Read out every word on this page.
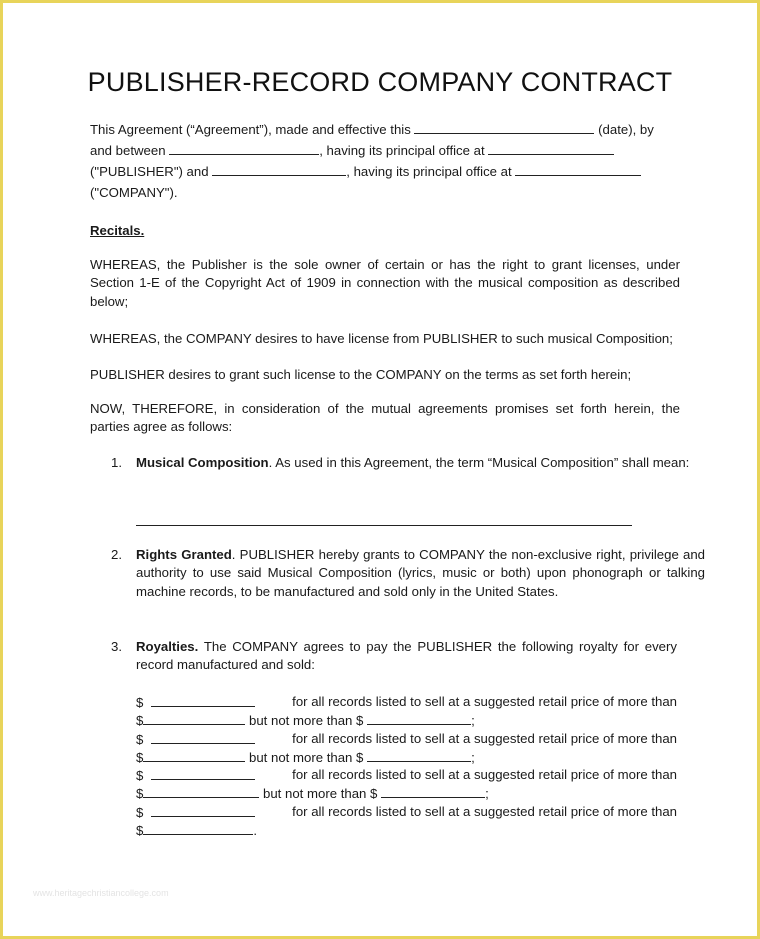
PUBLISHER-RECORD COMPANY CONTRACT
This Agreement (“Agreement”), made and effective this	(date), by
and between	, having its principal office at
("PUBLISHER") and	, having its principal office at
("COMPANY").
Recitals.
WHEREAS, the Publisher is the sole owner of certain or has the right to grant licenses, under Section 1-E of the Copyright Act of 1909 in connection with the musical composition as described below;
WHEREAS, the COMPANY desires to have license from PUBLISHER to such musical Composition;
PUBLISHER desires to grant such license to the COMPANY on the terms as set forth herein;
NOW, THEREFORE, in consideration of the mutual agreements promises set forth herein, the parties agree as follows:
1. Musical Composition. As used in this Agreement, the term “Musical Composition” shall mean:
2. Rights Granted. PUBLISHER hereby grants to COMPANY the non-exclusive right, privilege and authority to use said Musical Composition (lyrics, music or both) upon phonograph or talking machine records, to be manufactured and sold only in the United States.
3. Royalties. The COMPANY agrees to pay the PUBLISHER the following royalty for every record manufactured and sold:
$	for all records listed to sell at a suggested retail price of more than
$	but not more than $	;
$	for all records listed to sell at a suggested retail price of more than
$	but not more than $	;
$	for all records listed to sell at a suggested retail price of more than
$	but not more than $	;
$	for all records listed to sell at a suggested retail price of more than
$	.
www.heritagechristiancollege.com
